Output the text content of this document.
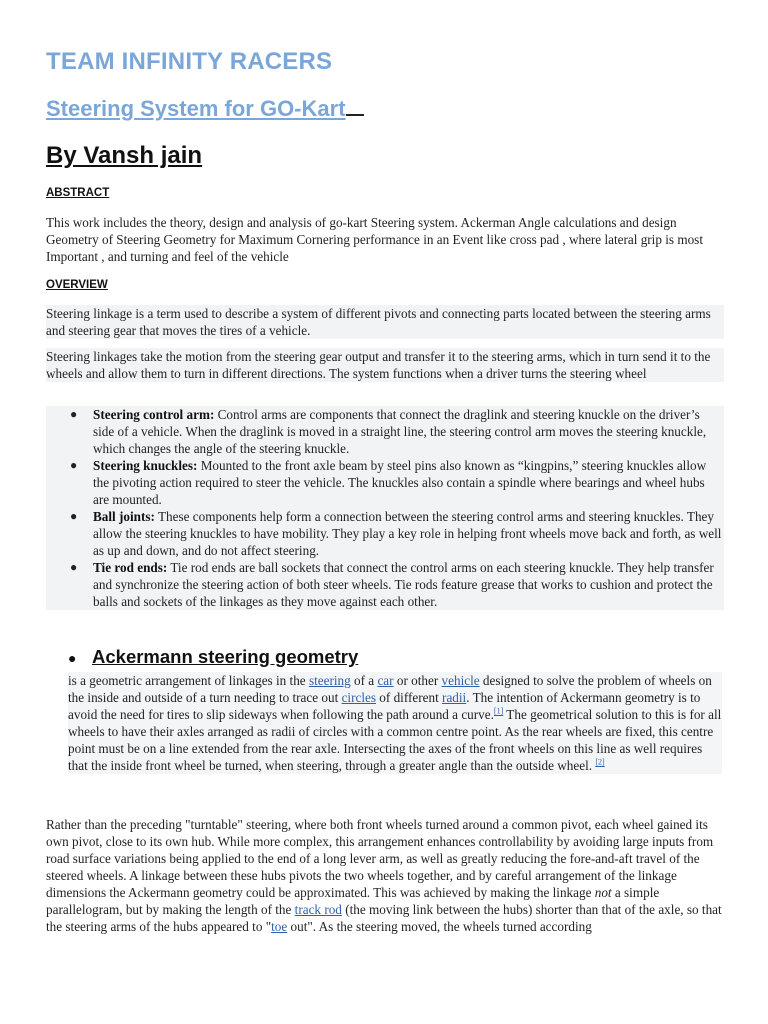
TEAM INFINITY RACERS
Steering System for GO-Kart
By Vansh jain

ABSTRACT

This work includes the theory, design and analysis of go-kart Steering system. Ackerman Angle calculations and design Geometry of Steering Geometry for Maximum Cornering performance in an Event like cross pad , where lateral grip is most Important , and turning and feel of the vehicle

OVERVIEW

Steering linkage is a term used to describe a system of different pivots and connecting parts located between the steering arms and steering gear that moves the tires of a vehicle.

Steering linkages take the motion from the steering gear output and transfer it to the steering arms, which in turn send it to the wheels and allow them to turn in different directions. The system functions when a driver turns the steering wheel

● Steering control arm: Control arms are components that connect the draglink and steering knuckle on the driver’s side of a vehicle. When the draglink is moved in a straight line, the steering control arm moves the steering knuckle, which changes the angle of the steering knuckle.
● Steering knuckles: Mounted to the front axle beam by steel pins also known as “kingpins,” steering knuckles allow the pivoting action required to steer the vehicle. The knuckles also contain a spindle where bearings and wheel hubs are mounted.
● Ball joints: These components help form a connection between the steering control arms and steering knuckles. They allow the steering knuckles to have mobility. They play a key role in helping front wheels move back and forth, as well as up and down, and do not affect steering.
● Tie rod ends: Tie rod ends are ball sockets that connect the control arms on each steering knuckle. They help transfer and synchronize the steering action of both steer wheels. Tie rods feature grease that works to cushion and protect the balls and sockets of the linkages as they move against each other.
● Ackermann steering geometry

is a geometric arrangement of linkages in the steering of a car or other vehicle designed to solve the problem of wheels on the inside and outside of a turn needing to trace out circles of different radii. The intention of Ackermann geometry is to avoid the need for tires to slip sideways when following the path around a curve.[1] The geometrical solution to this is for all wheels to have their axles arranged as radii of circles with a common centre point. As the rear wheels are fixed, this centre point must be on a line extended from the rear axle. Intersecting the axes of the front wheels on this line as well requires that the inside front wheel be turned, when steering, through a greater angle than the outside wheel. [2]

Rather than the preceding "turntable" steering, where both front wheels turned around a common pivot, each wheel gained its own pivot, close to its own hub. While more complex, this arrangement enhances controllability by avoiding large inputs from road surface variations being applied to the end of a long lever arm, as well as greatly reducing the fore-and-aft travel of the steered wheels. A linkage between these hubs pivots the two wheels together, and by careful arrangement of the linkage dimensions the Ackermann geometry could be approximated. This was achieved by making the linkage not a simple parallelogram, but by making the length of the track rod (the moving link between the hubs) shorter than that of the axle, so that the steering arms of the hubs appeared to "toe out". As the steering moved, the wheels turned according
